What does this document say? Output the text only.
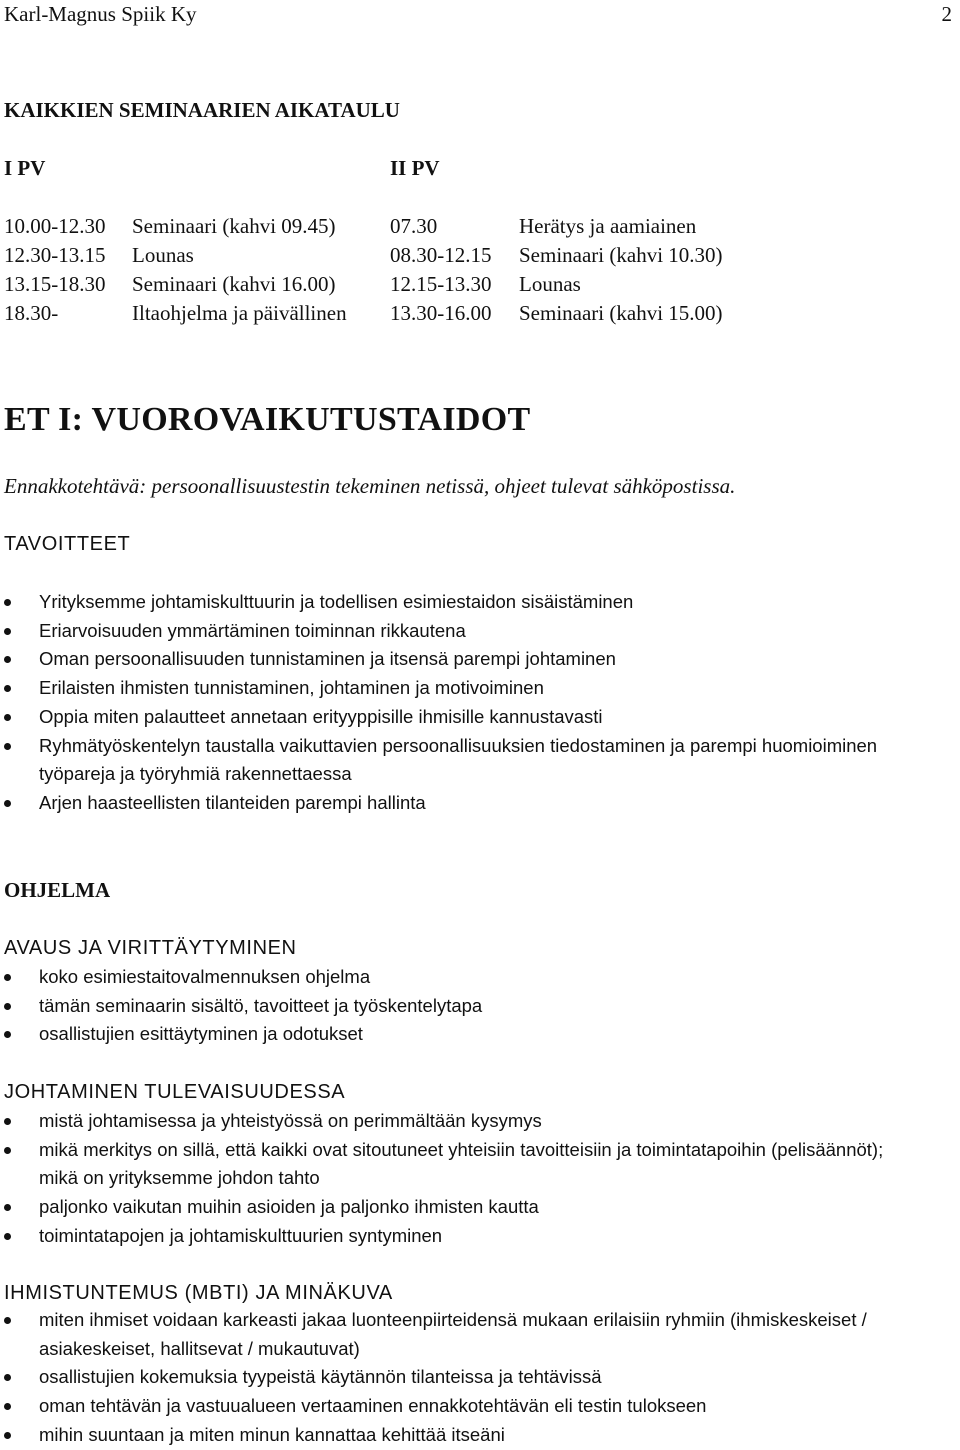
Karl-Magnus Spiik Ky	2
KAIKKIEN SEMINAARIEN AIKATAULU
I PV	II PV
10.00-12.30 Seminaari (kahvi 09.45)	07.30	Herätys ja aamiainen
12.30-13.15 Lounas	08.30-12.15 Seminaari (kahvi 10.30)
13.15-18.30 Seminaari (kahvi 16.00)	12.15-13.30 Lounas
18.30-	Iltaohjelma ja päivällinen 13.30-16.00 Seminaari (kahvi 15.00)
ET I: VUOROVAIKUTUSTAIDOT
Ennakkotehtävä: persoonallisuustestin tekeminen netissä, ohjeet tulevat sähköpostissa.
TAVOITTEET
Yrityksemme johtamiskulttuurin ja todellisen esimiestaidon sisäistäminen
Eriarvoisuuden ymmärtäminen toiminnan rikkautena
Oman persoonallisuuden tunnistaminen ja itsensä parempi johtaminen
Erilaisten ihmisten tunnistaminen, johtaminen ja motivoiminen
Oppia miten palautteet annetaan erityyppisille ihmisille kannustavasti
Ryhmätyöskentelyn taustalla vaikuttavien persoonallisuuksien tiedostaminen ja parempi huomioiminen työpareja ja työryhmiä rakennettaessa
Arjen haasteellisten tilanteiden parempi hallinta
OHJELMA
AVAUS JA VIRITTÄYTYMINEN
koko esimiestaitovalmennuksen ohjelma
tämän seminaarin sisältö, tavoitteet ja työskentelytapa
osallistujien esittäytyminen ja odotukset
JOHTAMINEN TULEVAISUUDESSA
mistä johtamisessa ja yhteistyössä on perimmältään kysymys
mikä merkitys on sillä, että kaikki ovat sitoutuneet yhteisiin tavoitteisiin ja toimintatapoihin (pelisäännöt); mikä on yrityksemme johdon tahto
paljonko vaikutan muihin asioiden ja paljonko ihmisten kautta
toimintatapojen ja johtamiskulttuurien syntyminen
IHMISTUNTEMUS (MBTI) JA MINÄKUVA
miten ihmiset voidaan karkeasti jakaa luonteenpiirteidensä mukaan erilaisiin ryhmiin (ihmiskeskeiset / asiakeskeiset, hallitsevat / mukautuvat)
osallistujien kokemuksia tyypeistä käytännön tilanteissa ja tehtävissä
oman tehtävän ja vastuualueen vertaaminen ennakkotehtävän eli testin tulokseen
mihin suuntaan ja miten minun kannattaa kehittää itseäni
